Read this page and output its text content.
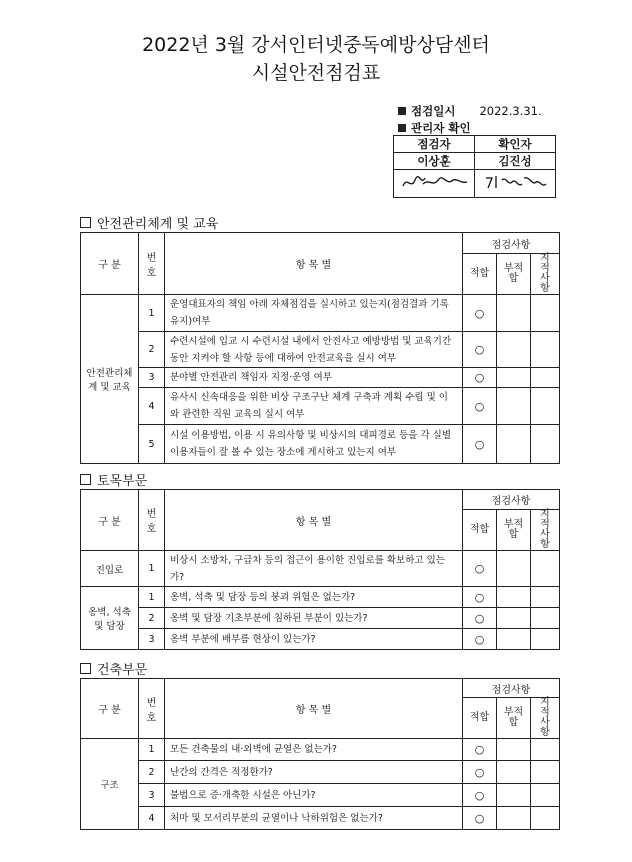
2022년 3월 강서인터넷중독예방상담센터
시설안전점검표
점검일시 2022.3.31.
관리자 확인
점검자	확인자
이상훈	김진성

안전관리체계 및 교육
구 분	번 호	항 목 별	점검사항		
			적합	부적합	지적사항
안전관리체계 및 교육	1	운영대표자의 책임 아래 자체점검을 실시하고 있는지(점검결과 기록유지)여부	○		
	2	수련시설에 입교 시 수련시설 내에서 안전사고 예방방법 및 교육기간 동안 지켜야 할 사항 등에 대하여 안전교육을 실시 여부	○		
	3	분야별 안전관리 책임자 지정·운영 여부	○		
	4	유사시 신속대응을 위한 비상 구조구난 체계 구축과 계획 수립 및 이와 관련한 직원 교육의 실시 여부	○		
	5	시설 이용방법, 이용 시 유의사항 및 비상시의 대피경로 등을 각 실별 이용자들이 잘 볼 수 있는 장소에 게시하고 있는지 여부	○		
토목부문
구 분	번 호	항 목 별	점검사항		
			적합	부적합	지적사항
진입로	1	비상시 소방차, 구급차 등의 접근이 용이한 진입로를 확보하고 있는가?	○		
옹벽, 석축 및 담장	1	옹벽, 석축 및 담장 등의 붕괴 위험은 없는가?	○		
	2	옹벽 및 담장 기초부분에 침하된 부분이 있는가?	○		
	3	옹벽 부분에 배부름 현상이 있는가?	○		
건축부문
구 분	번 호	항 목 별	점검사항		
			적합	부적합	지적사항
구조	1	모든 건축물의 내·외벽에 균열은 없는가?	○		
	2	난간의 간격은 적정한가?	○		
	3	불법으로 증·개축한 시설은 아닌가?	○		
	4	처마 및 모서리부분의 균열이나 낙하위험은 없는가?	○		
